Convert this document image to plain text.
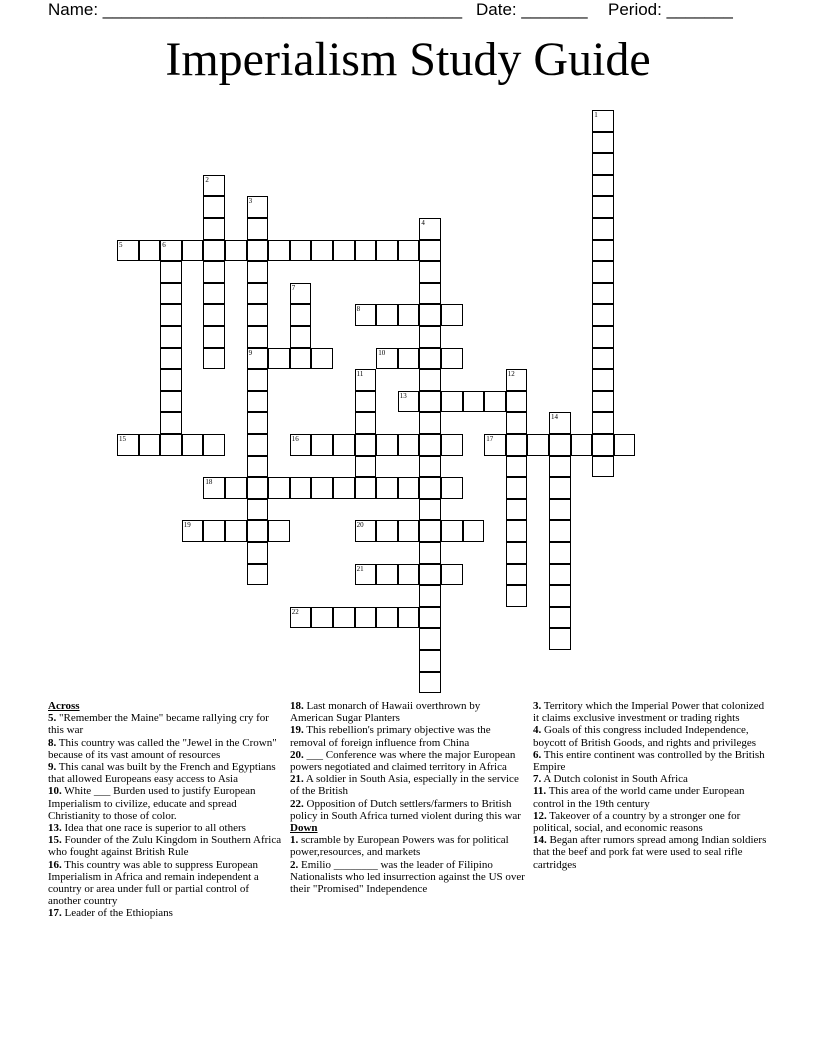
Name: ______________________________________ Date: _______ Period: _______
Imperialism Study Guide
5	6
8
9	10
13
15	16	17
18
19	20
21
22
1
2
3
4
7
11	12
14
Across
5. "Remember the Maine" became rallying cry for this war
8. This country was called the "Jewel in the Crown" because of its vast amount of resources
9. This canal was built by the French and Egyptians that allowed Europeans easy access to Asia
10. White ___ Burden used to justify European Imperialism to civilize, educate and spread Christianity to those of color.
13. Idea that one race is superior to all others
15. Founder of the Zulu Kingdom in Southern Africa who fought against British Rule
16. This country was able to suppress European Imperialism in Africa and remain independent a country or area under full or partial control of another country
17. Leader of the Ethiopians
18. Last monarch of Hawaii overthrown by American Sugar Planters
19. This rebellion's primary objective was the removal of foreign influence from China
20. ___ Conference was where the major European powers negotiated and claimed territory in Africa
21. A soldier in South Asia, especially in the service of the British
22. Opposition of Dutch settlers/farmers to British policy in South Africa turned violent during this war
Down
1. scramble by European Powers was for political power,resources, and markets
2. Emilio ________ was the leader of Filipino Nationalists who led insurrection against the US over their "Promised" Independence
3. Territory which the Imperial Power that colonized it claims exclusive investment or trading rights
4. Goals of this congress included Independence, boycott of British Goods, and rights and privileges
6. This entire continent was controlled by the British Empire
7. A Dutch colonist in South Africa
11. This area of the world came under European control in the 19th century
12. Takeover of a country by a stronger one for political, social, and economic reasons
14. Began after rumors spread among Indian soldiers that the beef and pork fat were used to seal rifle cartridges
